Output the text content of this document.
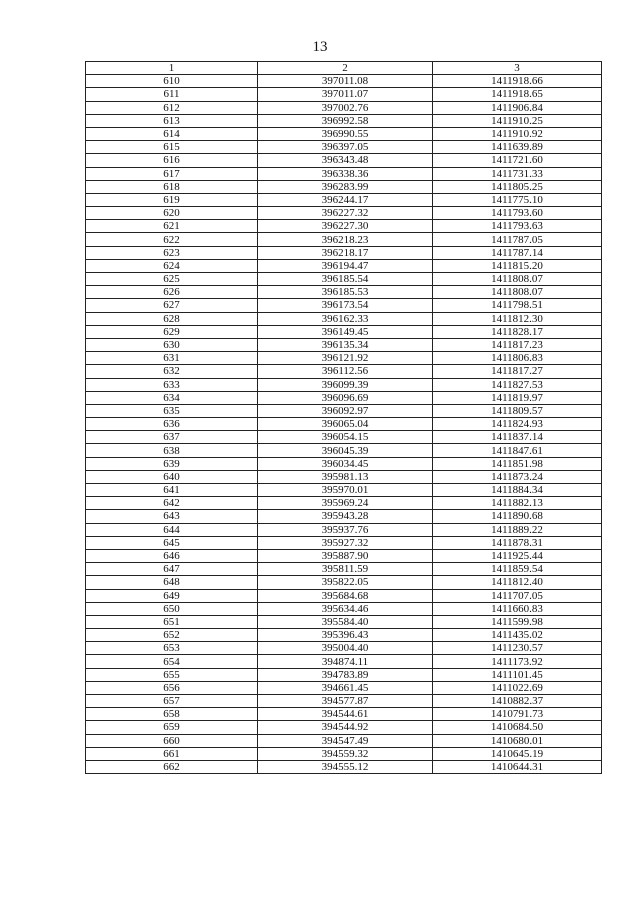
13
1	2	3
610	397011.08	1411918.66
611	397011.07	1411918.65
612	397002.76	1411906.84
613	396992.58	1411910.25
614	396990.55	1411910.92
615	396397.05	1411639.89
616	396343.48	1411721.60
617	396338.36	1411731.33
618	396283.99	1411805.25
619	396244.17	1411775.10
620	396227.32	1411793.60
621	396227.30	1411793.63
622	396218.23	1411787.05
623	396218.17	1411787.14
624	396194.47	1411815.20
625	396185.54	1411808.07
626	396185.53	1411808.07
627	396173.54	1411798.51
628	396162.33	1411812.30
629	396149.45	1411828.17
630	396135.34	1411817.23
631	396121.92	1411806.83
632	396112.56	1411817.27
633	396099.39	1411827.53
634	396096.69	1411819.97
635	396092.97	1411809.57
636	396065.04	1411824.93
637	396054.15	1411837.14
638	396045.39	1411847.61
639	396034.45	1411851.98
640	395981.13	1411873.24
641	395970.01	1411884.34
642	395969.24	1411882.13
643	395943.28	1411890.68
644	395937.76	1411889.22
645	395927.32	1411878.31
646	395887.90	1411925.44
647	395811.59	1411859.54
648	395822.05	1411812.40
649	395684.68	1411707.05
650	395634.46	1411660.83
651	395584.40	1411599.98
652	395396.43	1411435.02
653	395004.40	1411230.57
654	394874.11	1411173.92
655	394783.89	1411101.45
656	394661.45	1411022.69
657	394577.87	1410882.37
658	394544.61	1410791.73
659	394544.92	1410684.50
660	394547.49	1410680.01
661	394559.32	1410645.19
662	394555.12	1410644.31
